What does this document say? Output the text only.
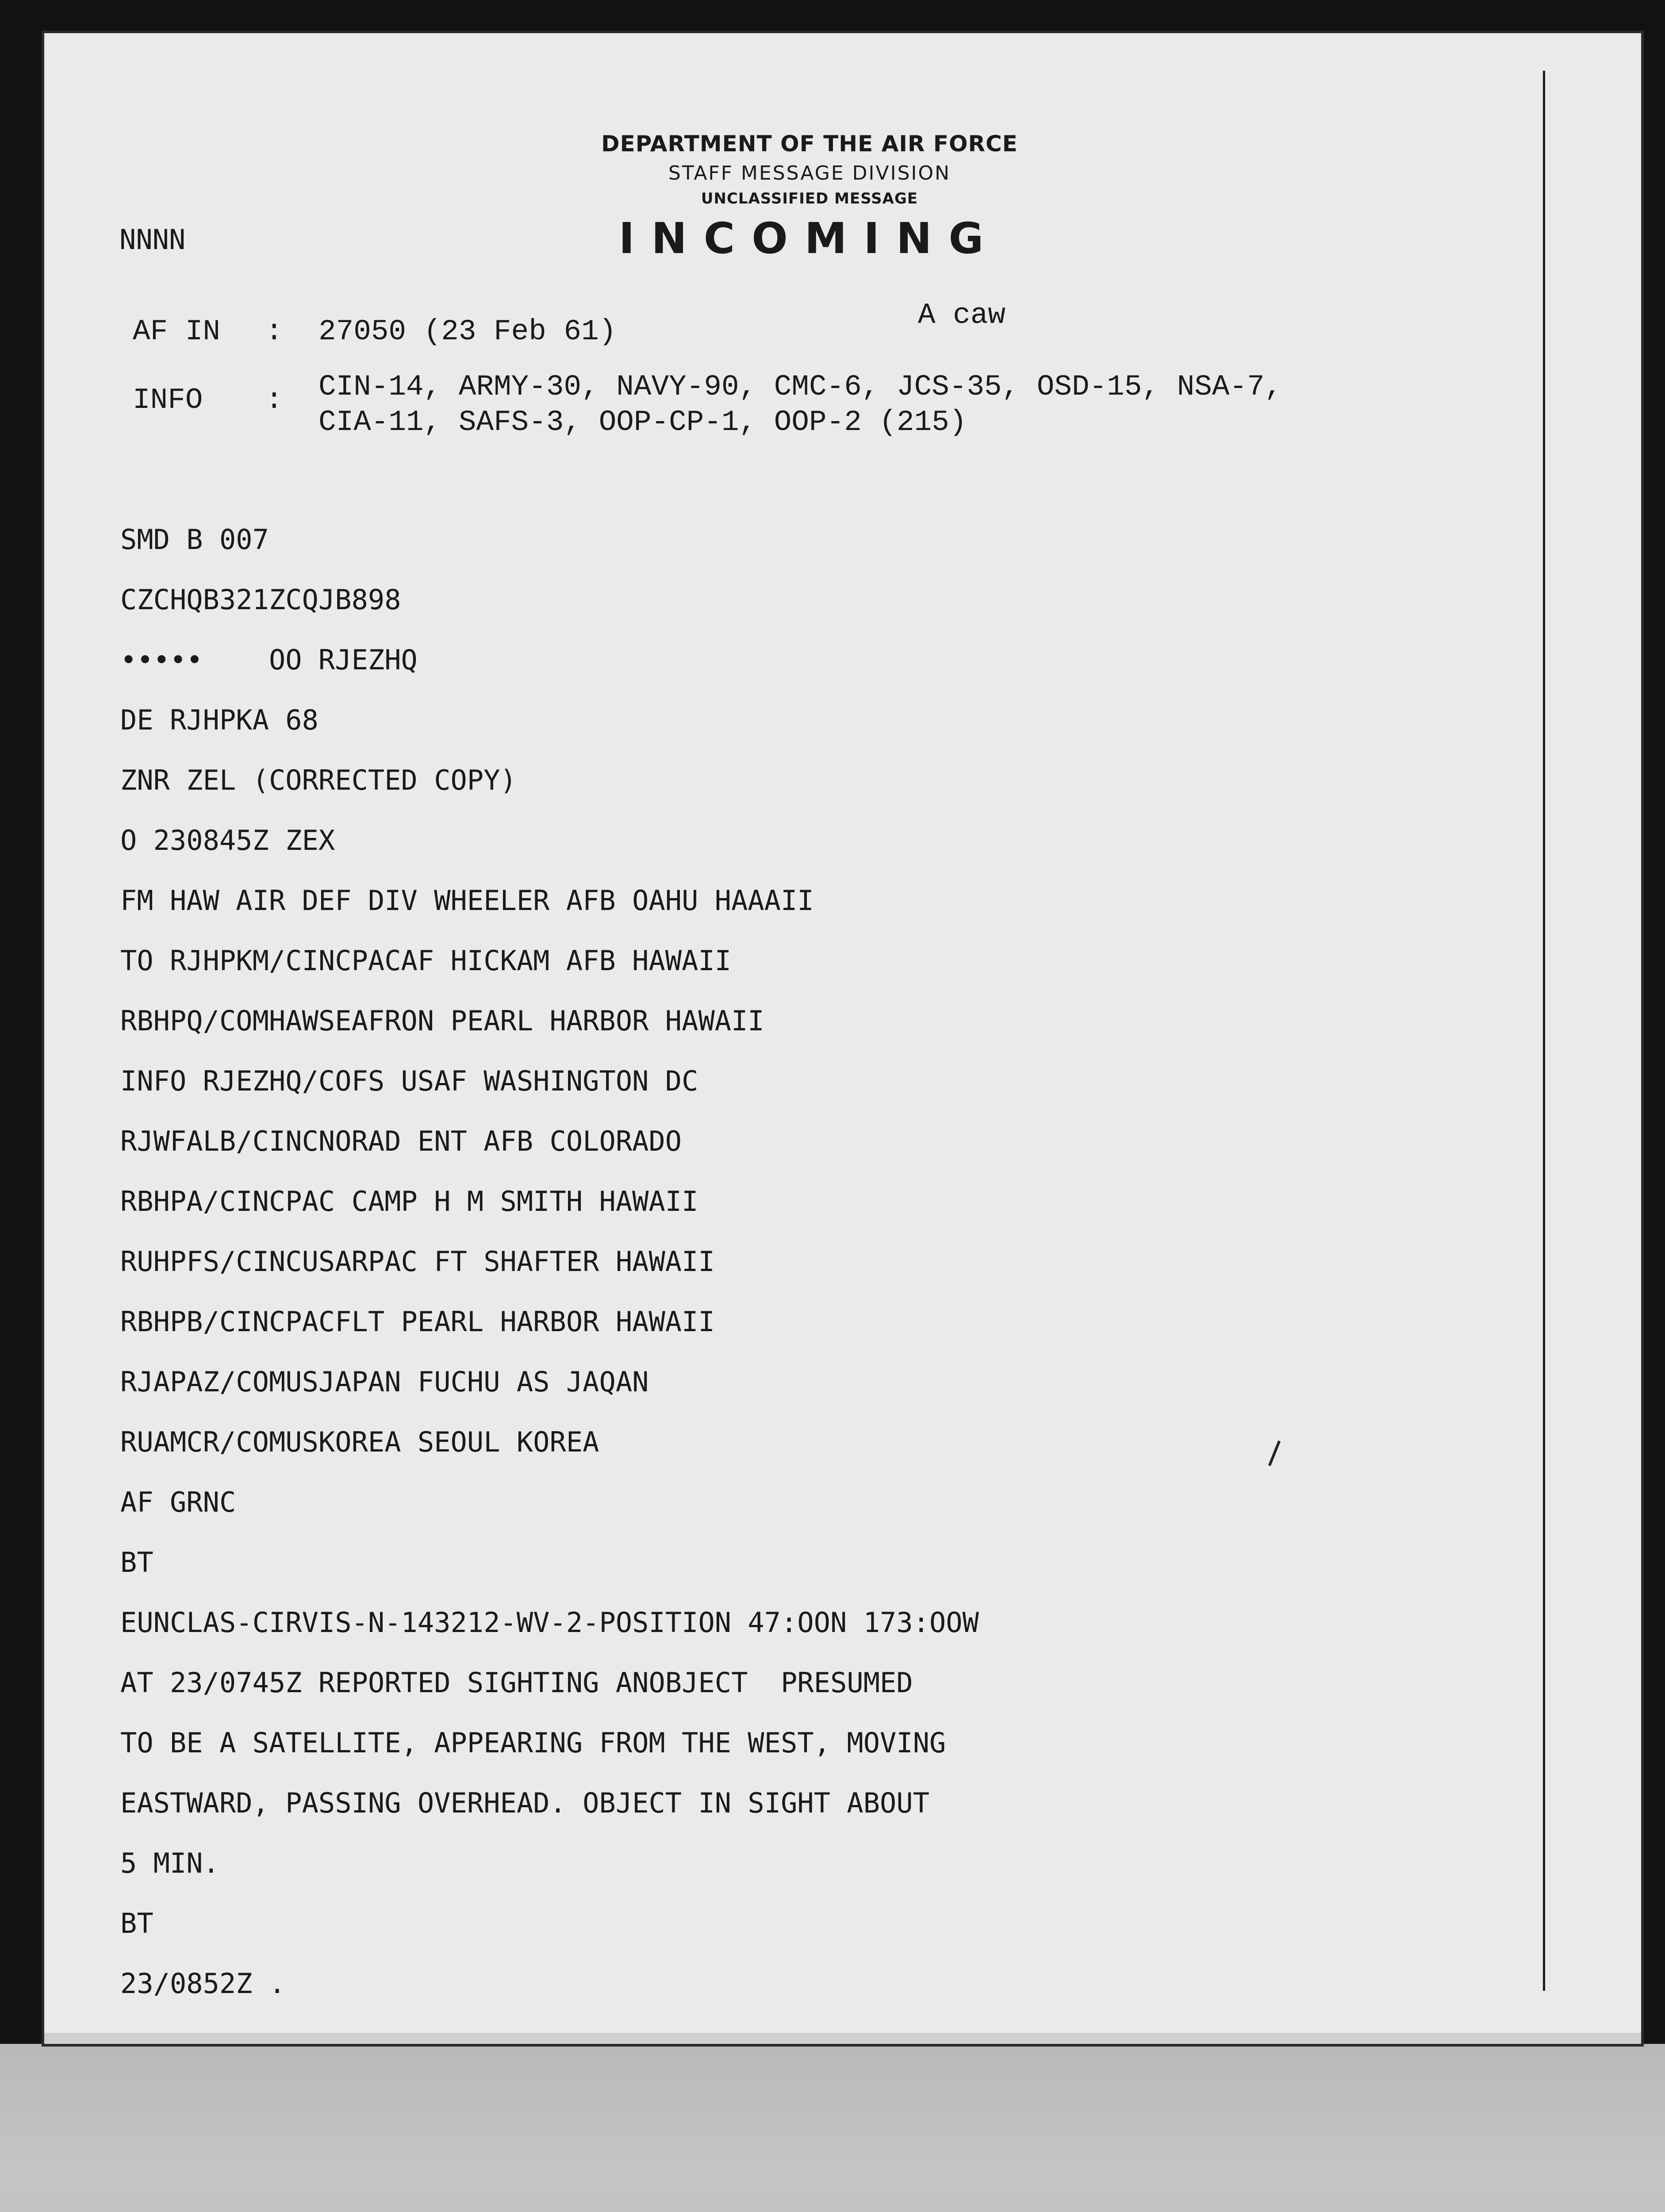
DEPARTMENT OF THE AIR FORCE

STAFF MESSAGE DIVISION

UNCLASSIFIED MESSAGE

INCOMING

NNNN
A caw
AF IN : 27050 (23 Feb 61)
INFO : CIN-14, ARMY-30, NAVY-90, CMC-6, JCS-35, OSD-15, NSA-7,
CIA-11, SAFS-3, OOP-CP-1, OOP-2 (215)
SMD B 007
CZCHQB321ZCQJB898
•••••    OO RJEZHQ
DE RJHPKA 68
ZNR ZEL (CORRECTED COPY)
O 230845Z ZEX
FM HAW AIR DEF DIV WHEELER AFB OAHU HAAAII
TO RJHPKM/CINCPACAF HICKAM AFB HAWAII
RBHPQ/COMHAWSEAFRON PEARL HARBOR HAWAII
INFO RJEZHQ/COFS USAF WASHINGTON DC
RJWFALB/CINCNORAD ENT AFB COLORADO
RBHPA/CINCPAC CAMP H M SMITH HAWAII
RUHPFS/CINCUSARPAC FT SHAFTER HAWAII
RBHPB/CINCPACFLT PEARL HARBOR HAWAII
RJAPAZ/COMUSJAPAN FUCHU AS JAQAN
RUAMCR/COMUSKOREA SEOUL KOREA
AF GRNC
BT
EUNCLAS-CIRVIS-N-143212-WV-2-POSITION 47:OON 173:OOW
AT 23/0745Z REPORTED SIGHTING ANOBJECT  PRESUMED
TO BE A SATELLITE, APPEARING FROM THE WEST, MOVING
EASTWARD, PASSING OVERHEAD. OBJECT IN SIGHT ABOUT
5 MIN.
BT
23/0852Z .
